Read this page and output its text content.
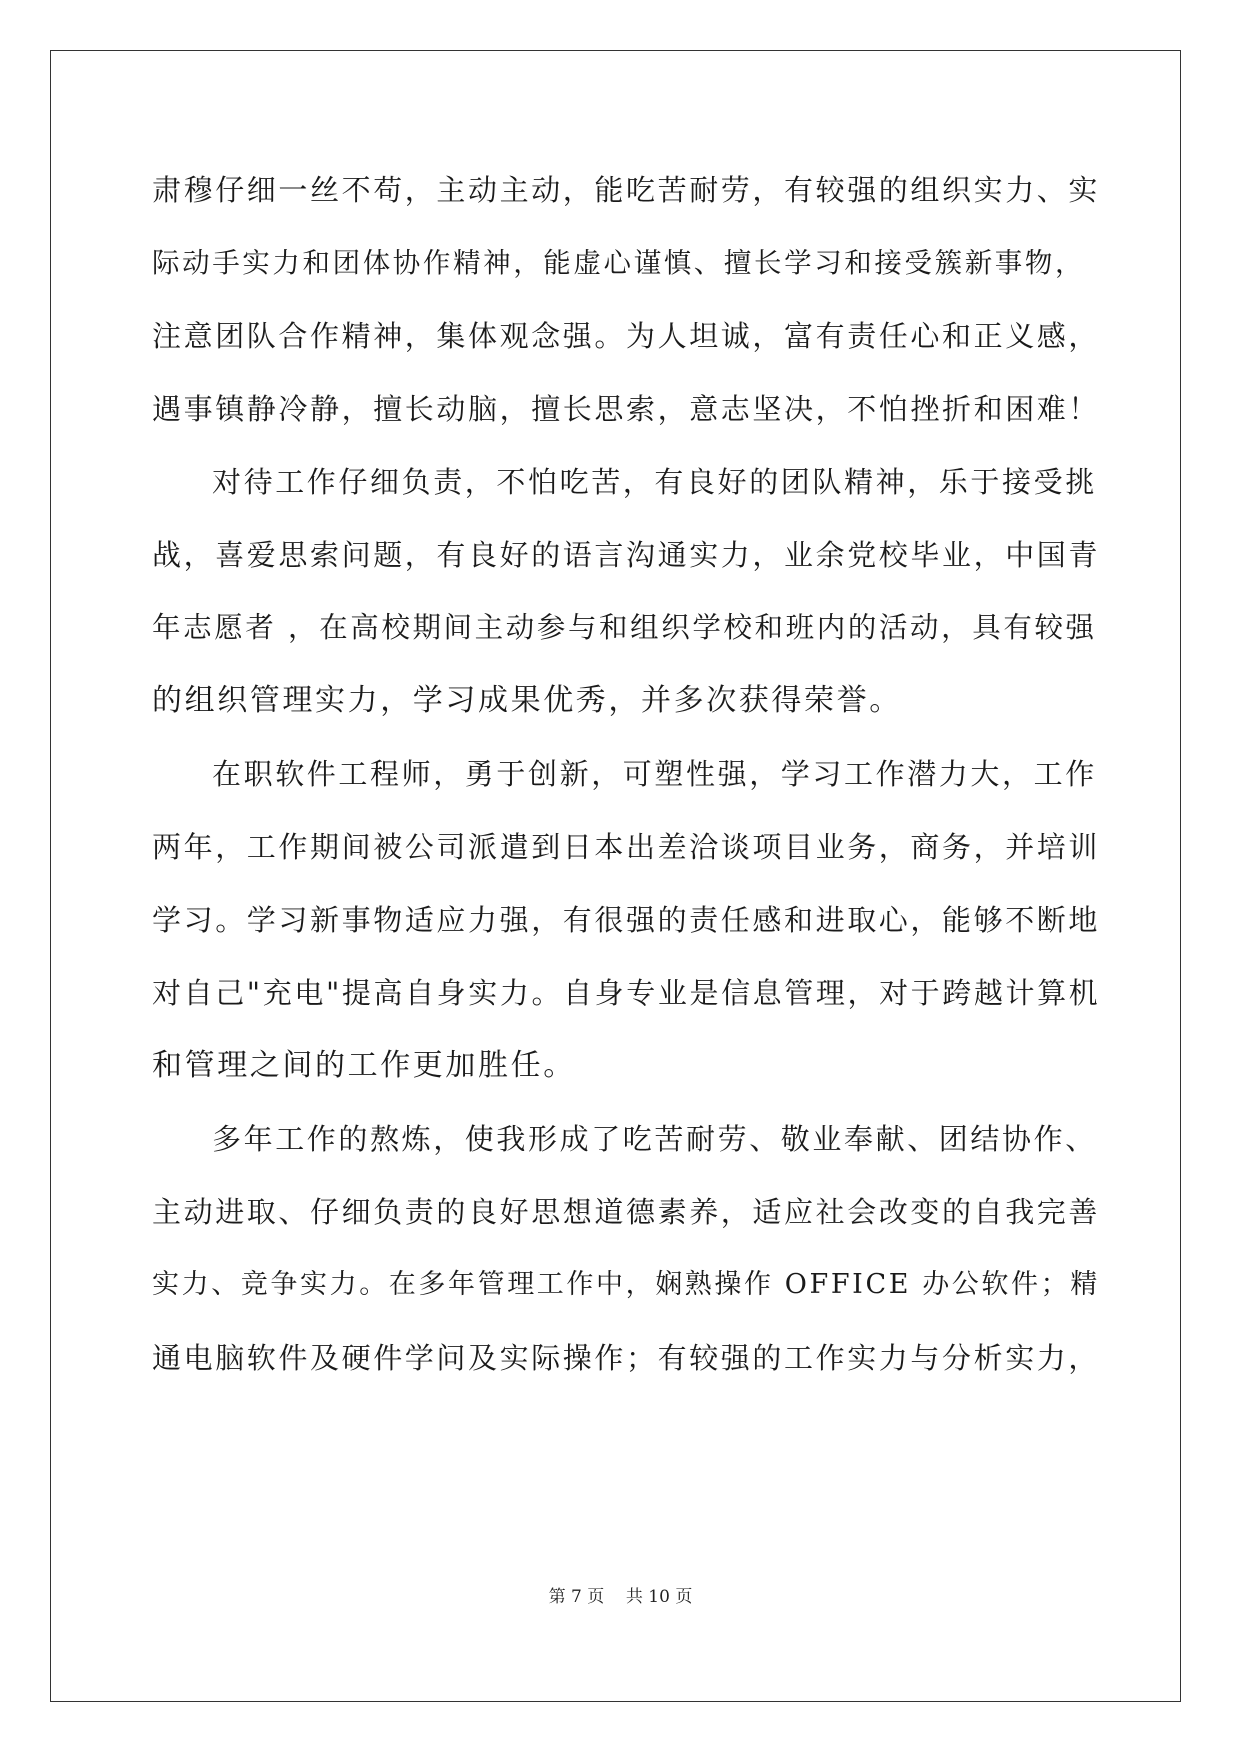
肃穆仔细一丝不苟，主动主动，能吃苦耐劳，有较强的组织实力、实
际动手实力和团体协作精神，能虚心谨慎、擅长学习和接受簇新事物，
注意团队合作精神，集体观念强。为人坦诚，富有责任心和正义感，
遇事镇静冷静，擅长动脑，擅长思索，意志坚决，不怕挫折和困难！
对待工作仔细负责，不怕吃苦，有良好的团队精神，乐于接受挑
战，喜爱思索问题，有良好的语言沟通实力，业余党校毕业，中国青
年志愿者 ，在高校期间主动参与和组织学校和班内的活动，具有较强
的组织管理实力，学习成果优秀，并多次获得荣誉。
在职软件工程师，勇于创新，可塑性强，学习工作潜力大，工作
两年，工作期间被公司派遣到日本出差洽谈项目业务，商务，并培训
学习。学习新事物适应力强，有很强的责任感和进取心，能够不断地
对自己"充电"提高自身实力。自身专业是信息管理，对于跨越计算机
和管理之间的工作更加胜任。
多年工作的熬炼，使我形成了吃苦耐劳、敬业奉献、团结协作、
主动进取、仔细负责的良好思想道德素养，适应社会改变的自我完善
实力、竞争实力。在多年管理工作中，娴熟操作 OFFICE 办公软件；精
通电脑软件及硬件学问及实际操作；有较强的工作实力与分析实力，
第 7 页    共 10 页
